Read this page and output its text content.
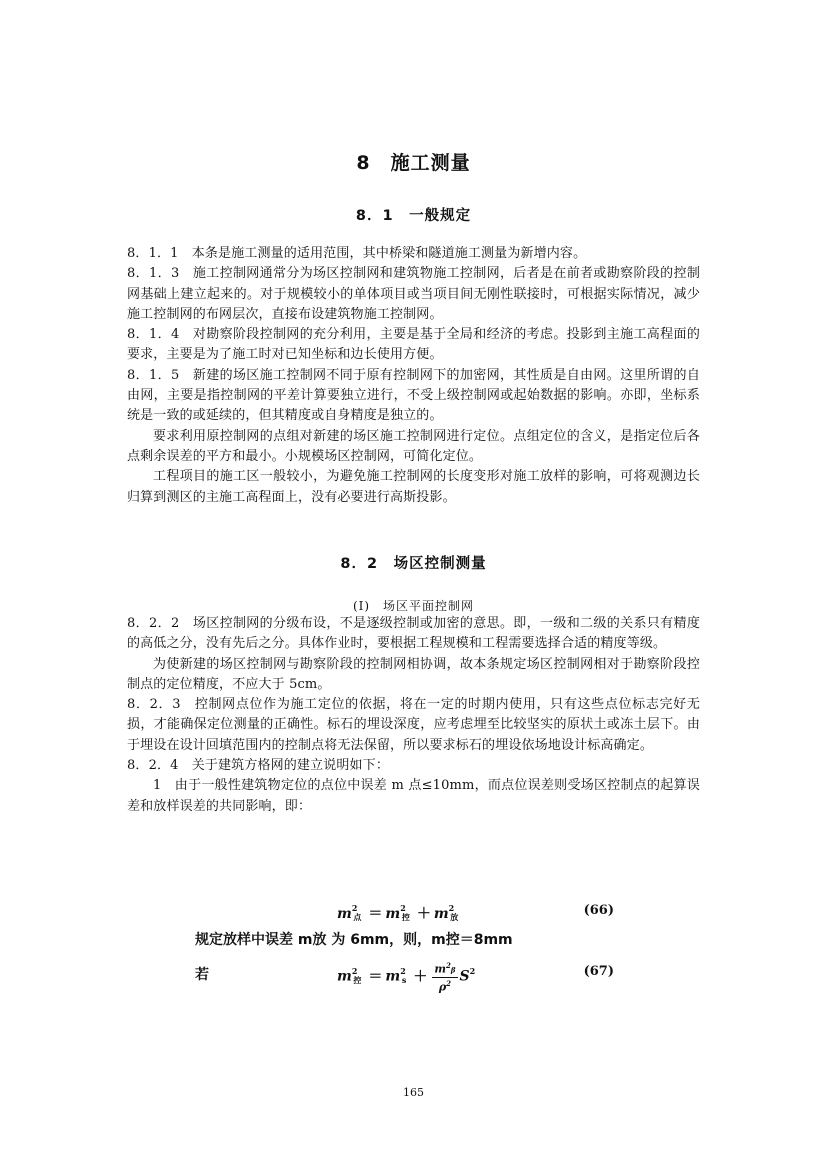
8　施工测量
8．1　一般规定

8．1．1　本条是施工测量的适用范围，其中桥梁和隧道施工测量为新增内容。

8．1．3　施工控制网通常分为场区控制网和建筑物施工控制网，后者是在前者或勘察阶段的控制网基础上建立起来的。对于规模较小的单体项目或当项目间无刚性联接时，可根据实际情况，减少施工控制网的布网层次，直接布设建筑物施工控制网。

8．1．4　对勘察阶段控制网的充分利用，主要是基于全局和经济的考虑。投影到主施工高程面的要求，主要是为了施工时对已知坐标和边长使用方便。

8．1．5　新建的场区施工控制网不同于原有控制网下的加密网，其性质是自由网。这里所谓的自由网，主要是指控制网的平差计算要独立进行，不受上级控制网或起始数据的影响。亦即，坐标系统是一致的或延续的，但其精度或自身精度是独立的。

要求利用原控制网的点组对新建的场区施工控制网进行定位。点组定位的含义，是指定位后各点剩余误差的平方和最小。小规模场区控制网，可简化定位。

工程项目的施工区一般较小，为避免施工控制网的长度变形对施工放样的影响，可将观测边长归算到测区的主施工高程面上，没有必要进行高斯投影。

8．2　场区控制测量
(Ⅰ)　场区平面控制网

8．2．2　场区控制网的分级布设，不是逐级控制或加密的意思。即，一级和二级的关系只有精度的高低之分，没有先后之分。具体作业时，要根据工程规模和工程需要选择合适的精度等级。

为使新建的场区控制网与勘察阶段的控制网相协调，故本条规定场区控制网相对于勘察阶段控制点的定位精度，不应大于 5cm。

8．2．3　控制网点位作为施工定位的依据，将在一定的时期内使用，只有这些点位标志完好无损，才能确保定位测量的正确性。标石的埋设深度，应考虑埋至比较坚实的原状土或冻土层下。由于埋设在设计回填范围内的控制点将无法保留，所以要求标石的埋设依场地设计标高确定。

8．2．4　关于建筑方格网的建立说明如下：

1　由于一般性建筑物定位的点位中误差 m 点≤10mm，而点位误差则受场区控制点的起算误差和放样误差的共同影响，即：

$m^2$点 ＝ $m^2$控 ＋ $m^2$放	(66)
规定放样中误差 m放 为 6mm，则，m控＝8mm
若	$m^2$控 ＝ $m^2s + \frac{m^2\beta}{\rho^2} S^2$	(67)
165
